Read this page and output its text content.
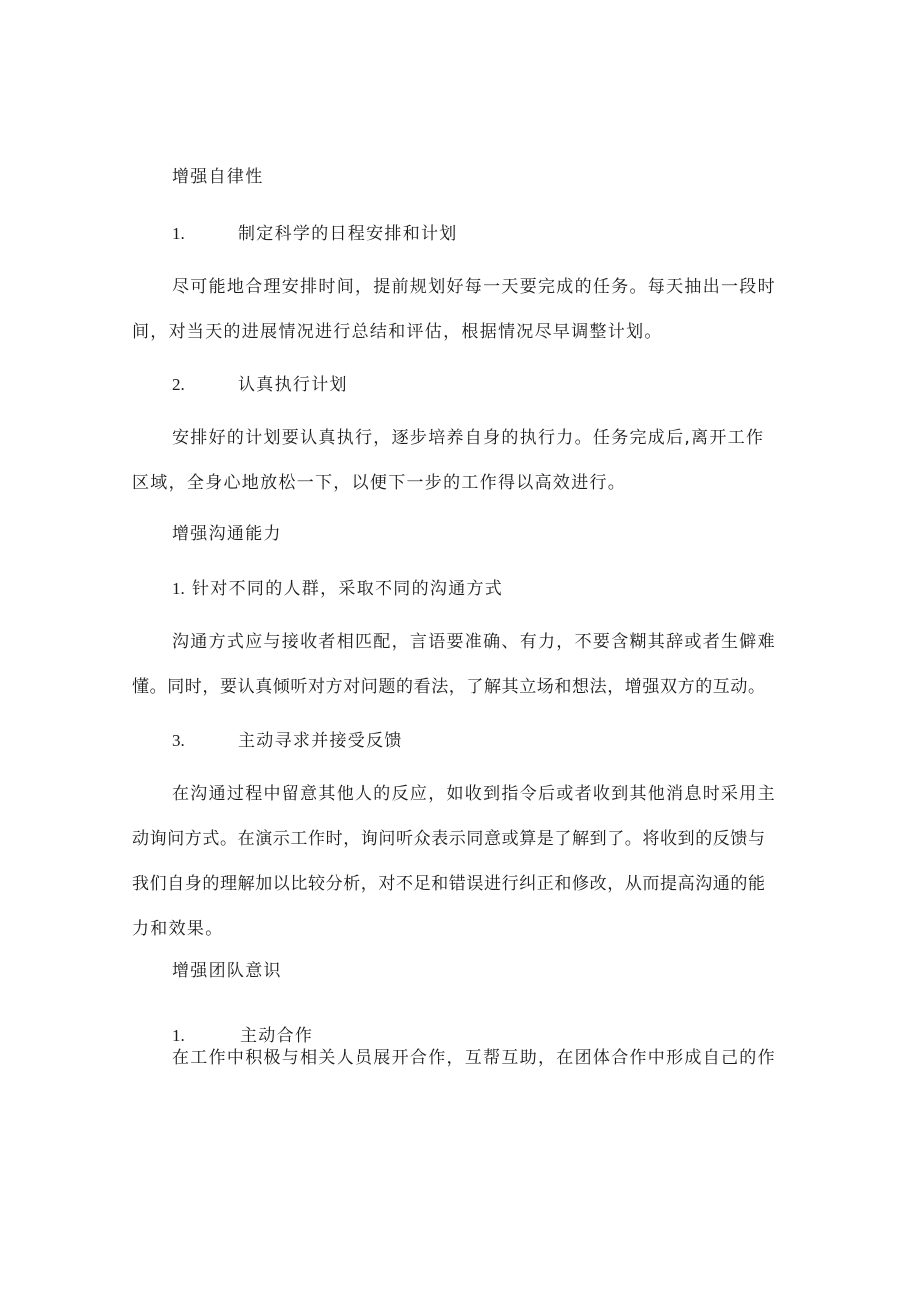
增强自律性
1.	制定科学的日程安排和计划
尽可能地合理安排时间，提前规划好每一天要完成的任务。每天抽出一段时
间，对当天的进展情况进行总结和评估，根据情况尽早调整计划。
2.	认真执行计划
安排好的计划要认真执行，逐步培养自身的执行力。任务完成后,离开工作
区域，全身心地放松一下，以便下一步的工作得以高效进行。
增强沟通能力
1. 针对不同的人群，采取不同的沟通方式
沟通方式应与接收者相匹配，言语要准确、有力，不要含糊其辞或者生僻难
懂。同时，要认真倾听对方对问题的看法，了解其立场和想法，增强双方的互动。
3.	主动寻求并接受反馈
在沟通过程中留意其他人的反应，如收到指令后或者收到其他消息时采用主
动询问方式。在演示工作时，询问听众表示同意或算是了解到了。将收到的反馈与
我们自身的理解加以比较分析，对不足和错误进行纠正和修改，从而提高沟通的能
力和效果。
增强团队意识
1.	主动合作
在工作中积极与相关人员展开合作，互帮互助，在团体合作中形成自己的作
